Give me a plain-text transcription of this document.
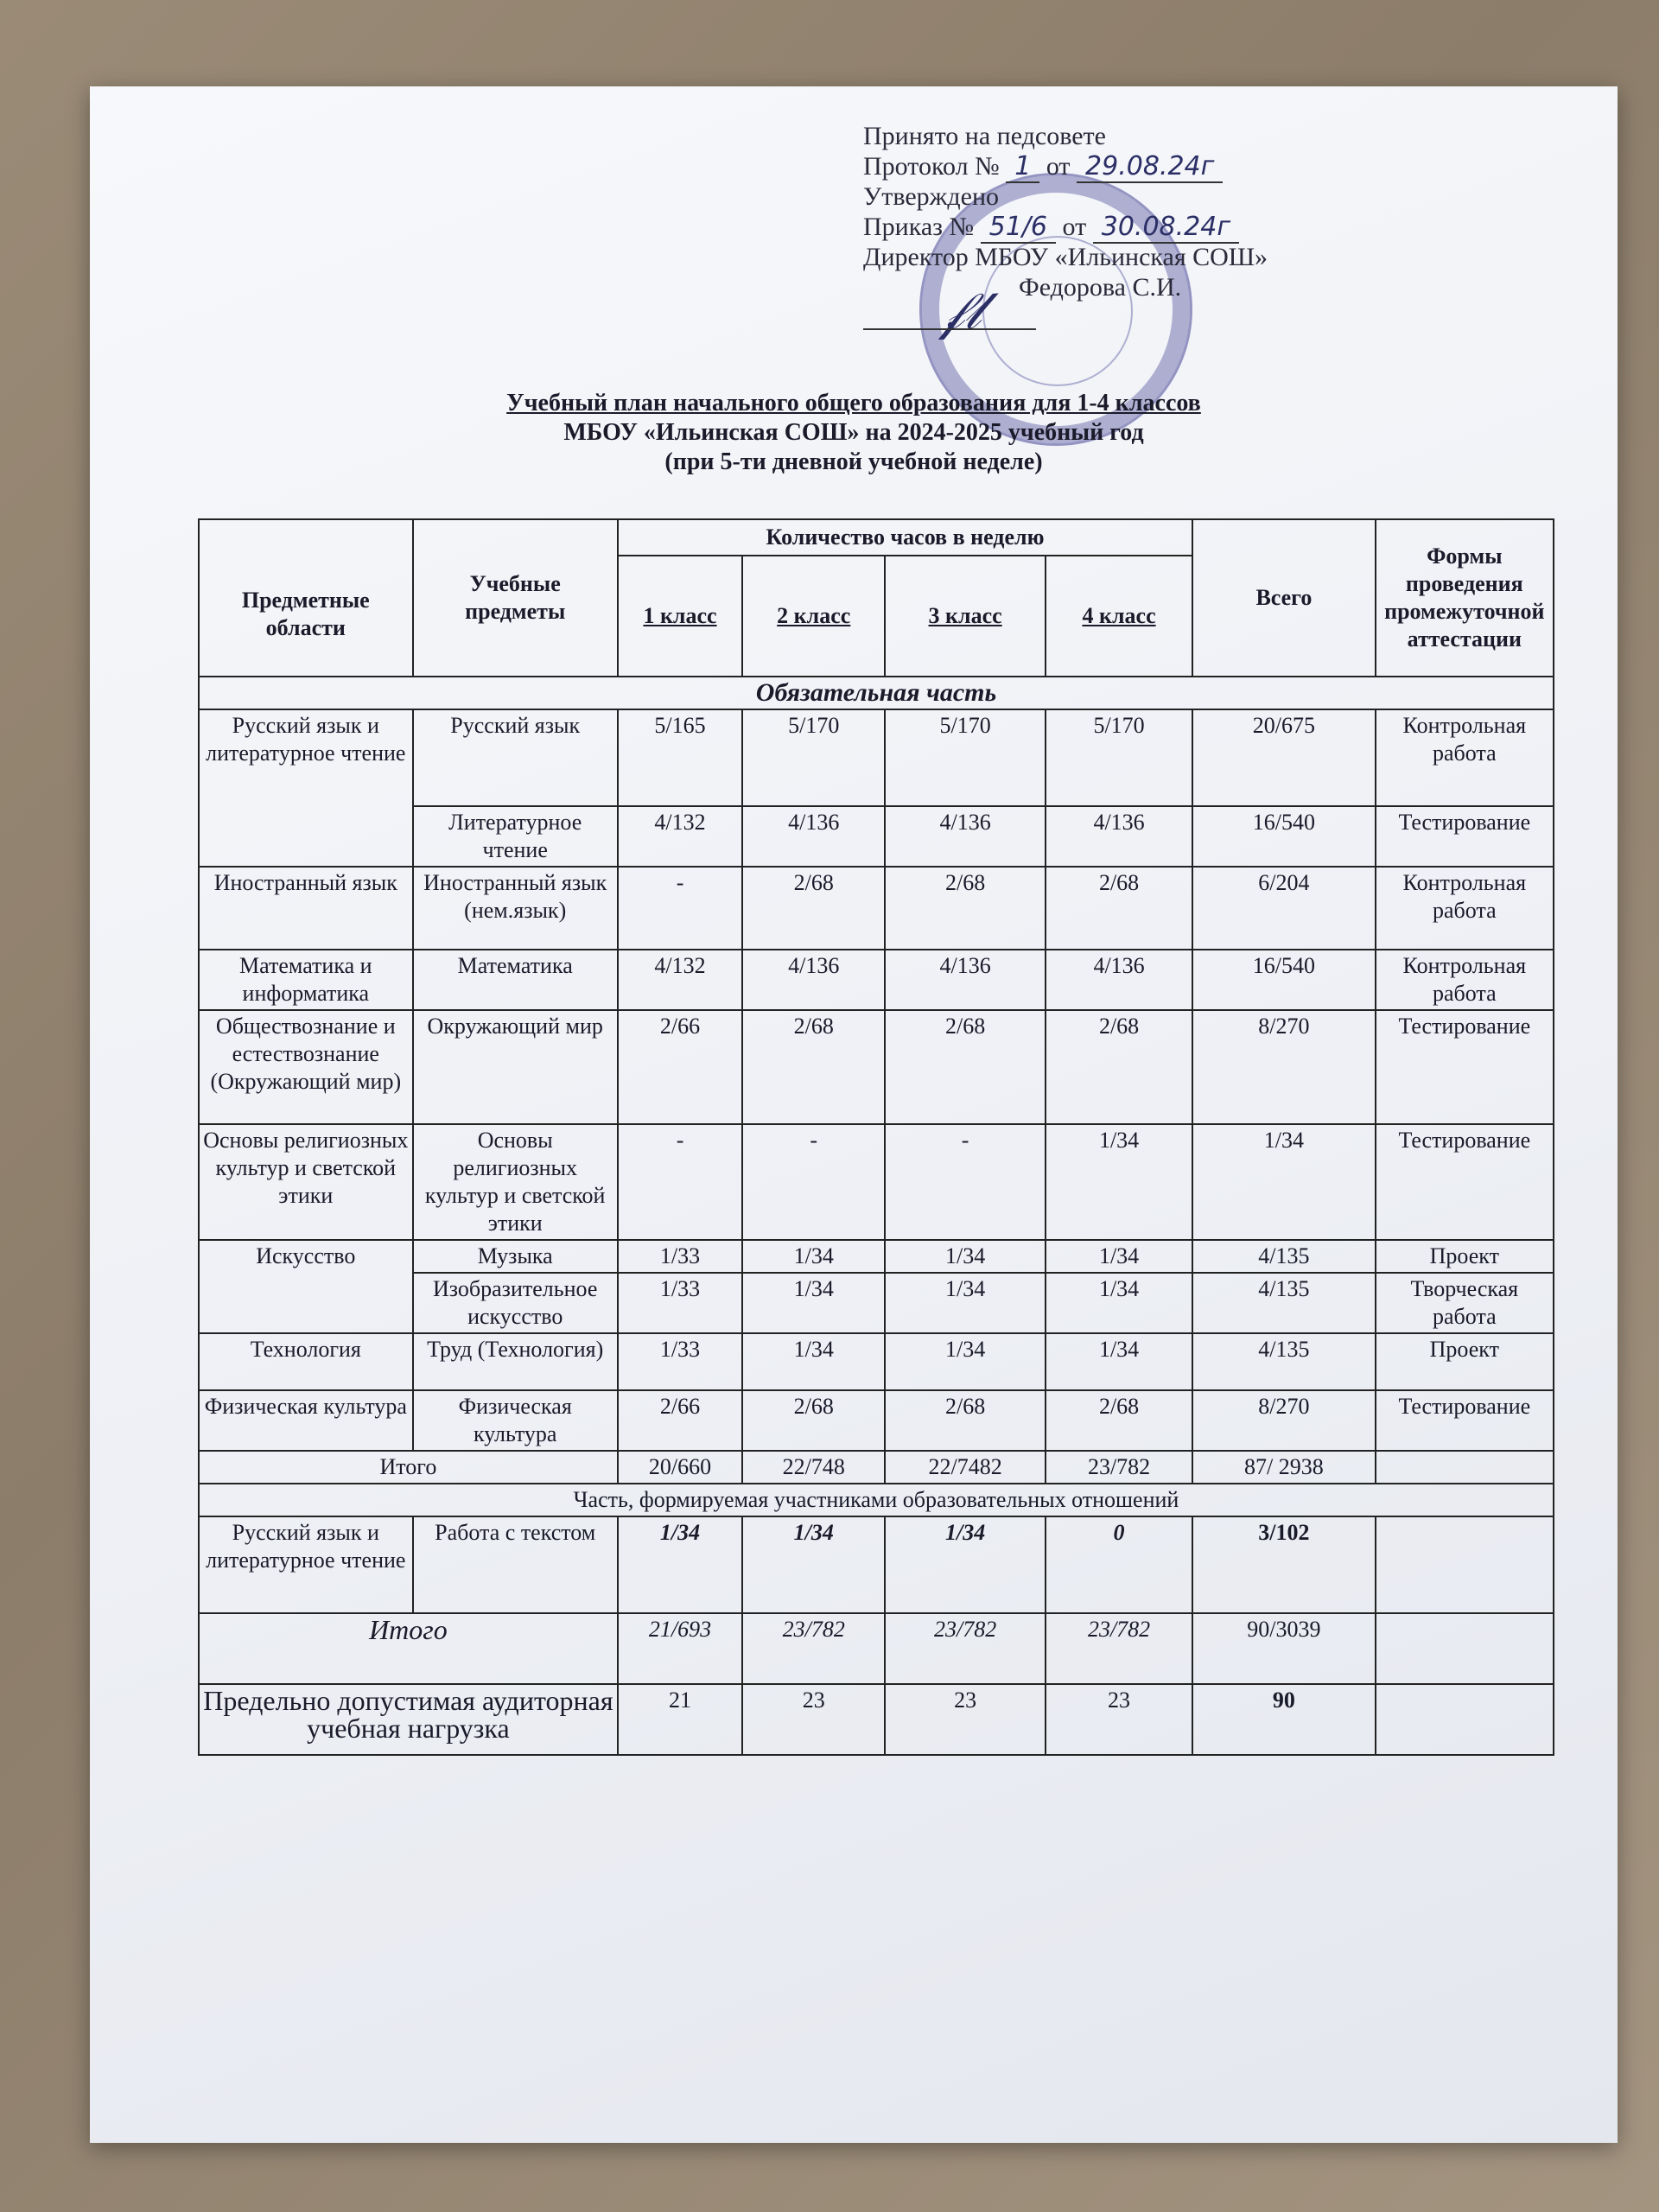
𝒻𝓁
Принято на педсовете
Протокол № 1 от 29.08.24г
Утверждено
Приказ № 51/6 от 30.08.24г
Директор МБОУ «Ильинская СОШ»
Федорова С.И.
Учебный план начального общего образования для 1-4 классов
МБОУ «Ильинская СОШ» на 2024-2025 учебный год
(при 5-ти дневной учебной неделе)
Предметные области	Учебные предметы	Количество часов в неделю				Всего	Формы проведения промежуточной аттестации
		1 класс	2 класс	3 класс	4 класс		
Обязательная часть							
Русский язык и литературное чтение	Русский язык	5/165	5/170	5/170	5/170	20/675	Контрольная работа
	Литературное чтение	4/132	4/136	4/136	4/136	16/540	Тестирование
Иностранный язык	Иностранный язык (нем.язык)	-	2/68	2/68	2/68	6/204	Контрольная работа
Математика и информатика	Математика	4/132	4/136	4/136	4/136	16/540	Контрольная работа
Обществознание и естествознание (Окружающий мир)	Окружающий мир	2/66	2/68	2/68	2/68	8/270	Тестирование
Основы религиозных культур и светской этики	Основы религиозных культур и светской этики	-	-	-	1/34	1/34	Тестирование
Искусство	Музыка	1/33	1/34	1/34	1/34	4/135	Проект
	Изобразительное искусство	1/33	1/34	1/34	1/34	4/135	Творческая работа
Технология	Труд (Технология)	1/33	1/34	1/34	1/34	4/135	Проект
Физическая культура	Физическая культура	2/66	2/68	2/68	2/68	8/270	Тестирование
Итого		20/660	22/748	22/7482	23/782	87/ 2938	
Часть, формируемая участниками образовательных отношений							
Русский язык и литературное чтение	Работа с текстом	1/34	1/34	1/34	0	3/102	
Итого		21/693	23/782	23/782	23/782	90/3039	
Предельно допустимая аудиторная учебная нагрузка		21	23	23	23	90	
